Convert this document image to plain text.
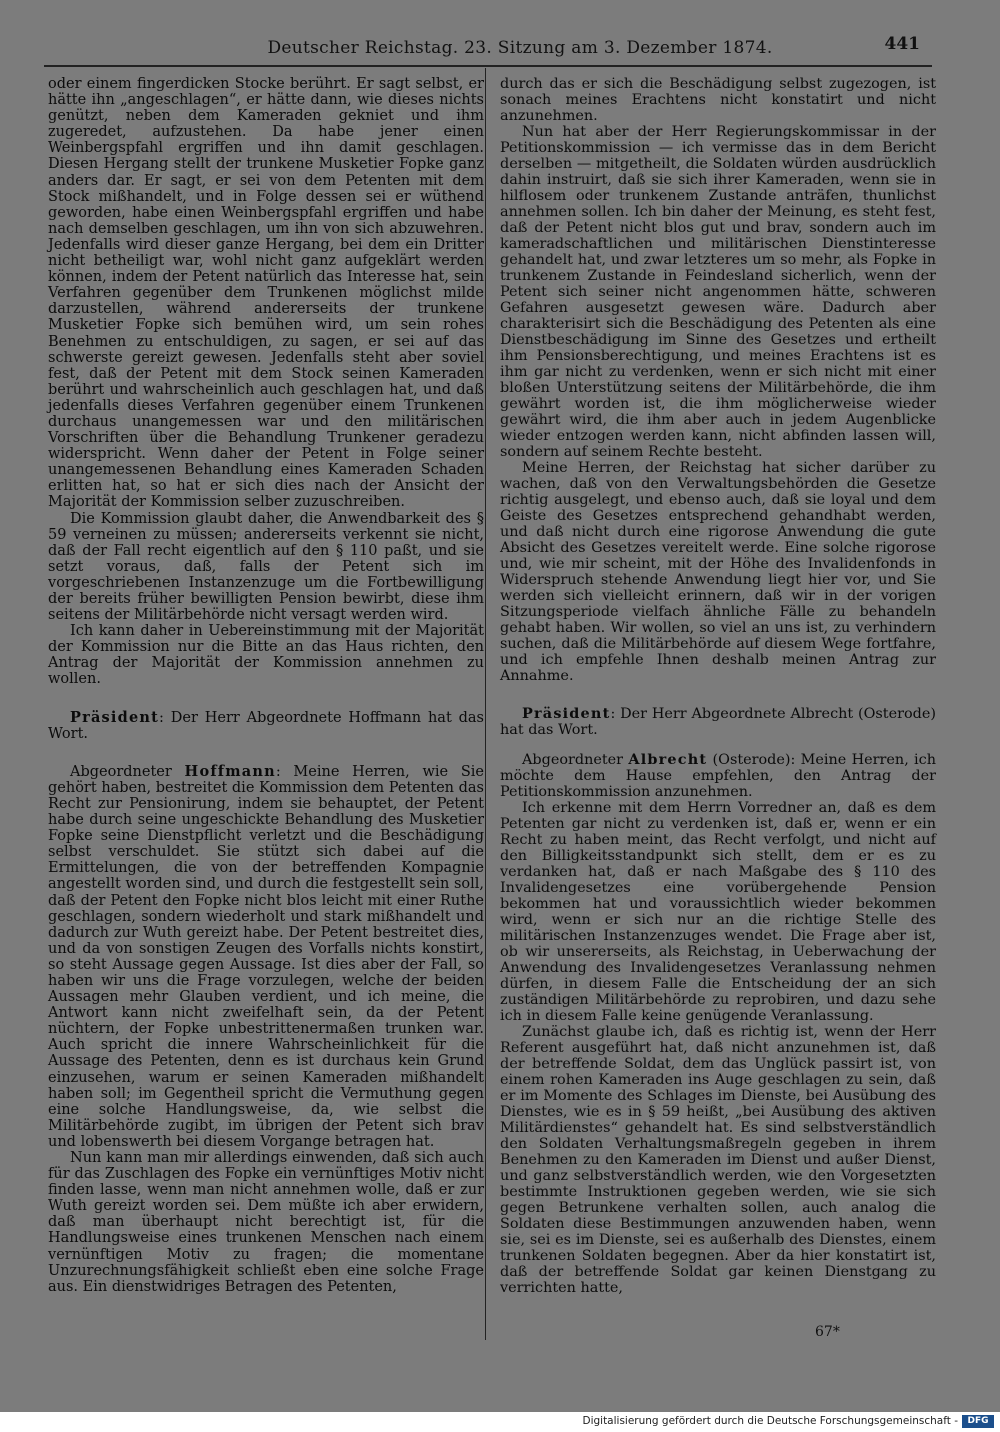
Deutscher Reichstag. 23. Sitzung am 3. Dezember 1874.	441

oder einem fingerdicken Stocke berührt. Er sagt selbst, er hätte ihn „angeschlagen“, er hätte dann, wie dieses nichts genützt, neben dem Kameraden gekniet und ihm zugeredet, aufzustehen. Da habe jener einen Weinbergspfahl ergriffen und ihn damit geschlagen. Diesen Hergang stellt der trunkene Musketier Fopke ganz anders dar. Er sagt, er sei von dem Petenten mit dem Stock mißhandelt, und in Folge dessen sei er wüthend geworden, habe einen Weinbergspfahl ergriffen und habe nach demselben geschlagen, um ihn von sich abzuwehren. Jedenfalls wird dieser ganze Hergang, bei dem ein Dritter nicht betheiligt war, wohl nicht ganz aufgeklärt werden können, indem der Petent natürlich das Interesse hat, sein Verfahren gegenüber dem Trunkenen möglichst milde darzustellen, während andererseits der trunkene Musketier Fopke sich bemühen wird, um sein rohes Benehmen zu entschuldigen, zu sagen, er sei auf das schwerste gereizt gewesen. Jedenfalls steht aber soviel fest, daß der Petent mit dem Stock seinen Kameraden berührt und wahrscheinlich auch geschlagen hat, und daß jedenfalls dieses Verfahren gegenüber einem Trunkenen durchaus unangemessen war und den militärischen Vorschriften über die Behandlung Trunkener geradezu widerspricht. Wenn daher der Petent in Folge seiner unangemessenen Behandlung eines Kameraden Schaden erlitten hat, so hat er sich dies nach der Ansicht der Majorität der Kommission selber zuzuschreiben.

Die Kommission glaubt daher, die Anwendbarkeit des § 59 verneinen zu müssen; andererseits verkennt sie nicht, daß der Fall recht eigentlich auf den § 110 paßt, und sie setzt voraus, daß, falls der Petent sich im vorgeschriebenen Instanzenzuge um die Fortbewilligung der bereits früher bewilligten Pension bewirbt, diese ihm seitens der Militärbehörde nicht versagt werden wird.

Ich kann daher in Uebereinstimmung mit der Majorität der Kommission nur die Bitte an das Haus richten, den Antrag der Majorität der Kommission annehmen zu wollen.

Präsident: Der Herr Abgeordnete Hoffmann hat das Wort.

Abgeordneter Hoffmann: Meine Herren, wie Sie gehört haben, bestreitet die Kommission dem Petenten das Recht zur Pensionirung, indem sie behauptet, der Petent habe durch seine ungeschickte Behandlung des Musketier Fopke seine Dienstpflicht verletzt und die Beschädigung selbst verschuldet. Sie stützt sich dabei auf die Ermittelungen, die von der betreffenden Kompagnie angestellt worden sind, und durch die festgestellt sein soll, daß der Petent den Fopke nicht blos leicht mit einer Ruthe geschlagen, sondern wiederholt und stark mißhandelt und dadurch zur Wuth gereizt habe. Der Petent bestreitet dies, und da von sonstigen Zeugen des Vorfalls nichts konstirt, so steht Aussage gegen Aussage. Ist dies aber der Fall, so haben wir uns die Frage vorzulegen, welche der beiden Aussagen mehr Glauben verdient, und ich meine, die Antwort kann nicht zweifelhaft sein, da der Petent nüchtern, der Fopke unbestrittenermaßen trunken war. Auch spricht die innere Wahrscheinlichkeit für die Aussage des Petenten, denn es ist durchaus kein Grund einzusehen, warum er seinen Kameraden mißhandelt haben soll; im Gegentheil spricht die Vermuthung gegen eine solche Handlungsweise, da, wie selbst die Militärbehörde zugibt, im übrigen der Petent sich brav und lobenswerth bei diesem Vorgange betragen hat.

Nun kann man mir allerdings einwenden, daß sich auch für das Zuschlagen des Fopke ein vernünftiges Motiv nicht finden lasse, wenn man nicht annehmen wolle, daß er zur Wuth gereizt worden sei. Dem müßte ich aber erwidern, daß man überhaupt nicht berechtigt ist, für die Handlungsweise eines trunkenen Menschen nach einem vernünftigen Motiv zu fragen; die momentane Unzurechnungsfähigkeit schließt eben eine solche Frage aus. Ein dienstwidriges Betragen des Petenten,

durch das er sich die Beschädigung selbst zugezogen, ist sonach meines Erachtens nicht konstatirt und nicht anzunehmen.

Nun hat aber der Herr Regierungskommissar in der Petitionskommission — ich vermisse das in dem Bericht derselben — mitgetheilt, die Soldaten würden ausdrücklich dahin instruirt, daß sie sich ihrer Kameraden, wenn sie in hilflosem oder trunkenem Zustande anträfen, thunlichst annehmen sollen. Ich bin daher der Meinung, es steht fest, daß der Petent nicht blos gut und brav, sondern auch im kameradschaftlichen und militärischen Dienstinteresse gehandelt hat, und zwar letzteres um so mehr, als Fopke in trunkenem Zustande in Feindesland sicherlich, wenn der Petent sich seiner nicht angenommen hätte, schweren Gefahren ausgesetzt gewesen wäre. Dadurch aber charakterisirt sich die Beschädigung des Petenten als eine Dienstbeschädigung im Sinne des Gesetzes und ertheilt ihm Pensionsberechtigung, und meines Erachtens ist es ihm gar nicht zu verdenken, wenn er sich nicht mit einer bloßen Unterstützung seitens der Militärbehörde, die ihm gewährt worden ist, die ihm möglicherweise wieder gewährt wird, die ihm aber auch in jedem Augenblicke wieder entzogen werden kann, nicht abfinden lassen will, sondern auf seinem Rechte besteht.

Meine Herren, der Reichstag hat sicher darüber zu wachen, daß von den Verwaltungsbehörden die Gesetze richtig ausgelegt, und ebenso auch, daß sie loyal und dem Geiste des Gesetzes entsprechend gehandhabt werden, und daß nicht durch eine rigorose Anwendung die gute Absicht des Gesetzes vereitelt werde. Eine solche rigorose und, wie mir scheint, mit der Höhe des Invalidenfonds in Widerspruch stehende Anwendung liegt hier vor, und Sie werden sich vielleicht erinnern, daß wir in der vorigen Sitzungsperiode vielfach ähnliche Fälle zu behandeln gehabt haben. Wir wollen, so viel an uns ist, zu verhindern suchen, daß die Militärbehörde auf diesem Wege fortfahre, und ich empfehle Ihnen deshalb meinen Antrag zur Annahme.

Präsident: Der Herr Abgeordnete Albrecht (Osterode) hat das Wort.

Abgeordneter Albrecht (Osterode): Meine Herren, ich möchte dem Hause empfehlen, den Antrag der Petitionskommission anzunehmen.

Ich erkenne mit dem Herrn Vorredner an, daß es dem Petenten gar nicht zu verdenken ist, daß er, wenn er ein Recht zu haben meint, das Recht verfolgt, und nicht auf den Billigkeitsstandpunkt sich stellt, dem er es zu verdanken hat, daß er nach Maßgabe des § 110 des Invalidengesetzes eine vorübergehende Pension bekommen hat und voraussichtlich wieder bekommen wird, wenn er sich nur an die richtige Stelle des militärischen Instanzenzuges wendet. Die Frage aber ist, ob wir unsererseits, als Reichstag, in Ueberwachung der Anwendung des Invalidengesetzes Veranlassung nehmen dürfen, in diesem Falle die Entscheidung der an sich zuständigen Militärbehörde zu reprobiren, und dazu sehe ich in diesem Falle keine genügende Veranlassung.

Zunächst glaube ich, daß es richtig ist, wenn der Herr Referent ausgeführt hat, daß nicht anzunehmen ist, daß der betreffende Soldat, dem das Unglück passirt ist, von einem rohen Kameraden ins Auge geschlagen zu sein, daß er im Momente des Schlages im Dienste, bei Ausübung des Dienstes, wie es in § 59 heißt, „bei Ausübung des aktiven Militärdienstes“ gehandelt hat. Es sind selbstverständlich den Soldaten Verhaltungsmaßregeln gegeben in ihrem Benehmen zu den Kameraden im Dienst und außer Dienst, und ganz selbstverständlich werden, wie den Vorgesetzten bestimmte Instruktionen gegeben werden, wie sie sich gegen Betrunkene verhalten sollen, auch analog die Soldaten diese Bestimmungen anzuwenden haben, wenn sie, sei es im Dienste, sei es außerhalb des Dienstes, einem trunkenen Soldaten begegnen. Aber da hier konstatirt ist, daß der betreffende Soldat gar keinen Dienstgang zu verrichten hatte,

67*
Digitalisierung gefördert durch die Deutsche Forschungsgemeinschaft -	DFG
